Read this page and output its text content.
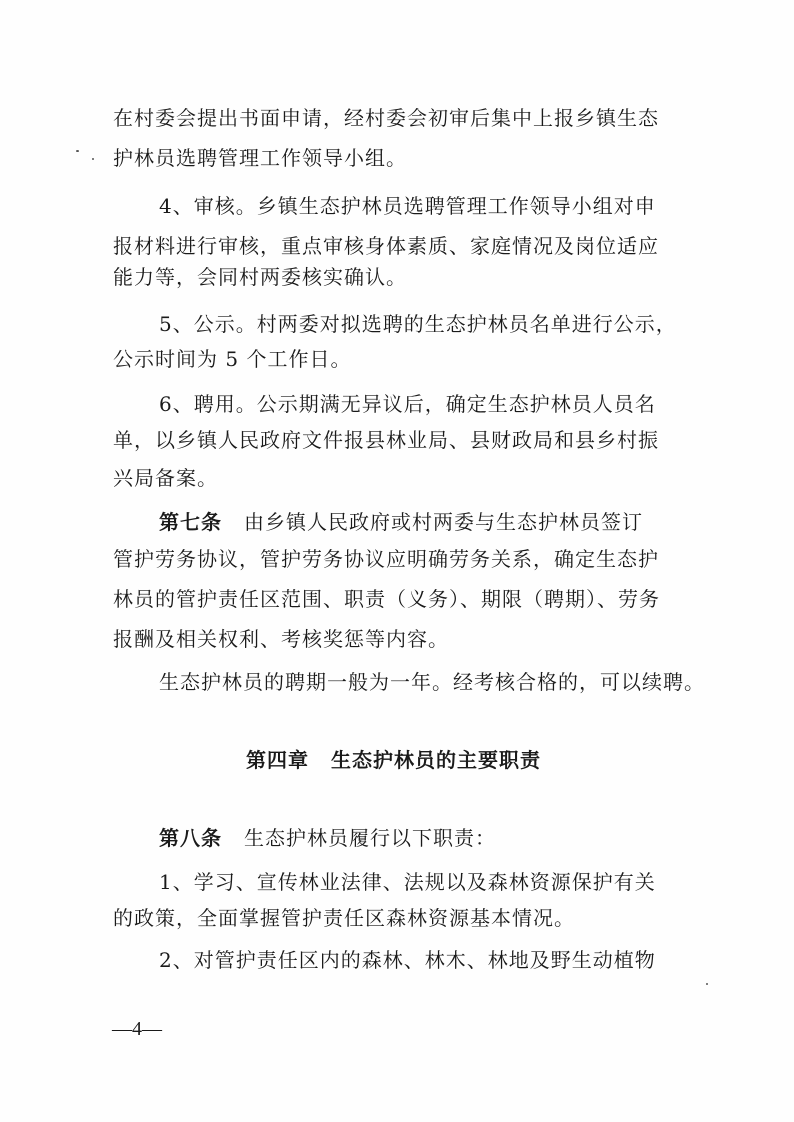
在村委会提出书面申请，经村委会初审后集中上报乡镇生态
护林员选聘管理工作领导小组。
4、审核。乡镇生态护林员选聘管理工作领导小组对申
报材料进行审核，重点审核身体素质、家庭情况及岗位适应
能力等，会同村两委核实确认。
5、公示。村两委对拟选聘的生态护林员名单进行公示，
公示时间为 5 个工作日。
6、聘用。公示期满无异议后，确定生态护林员人员名
单，以乡镇人民政府文件报县林业局、县财政局和县乡村振
兴局备案。
第七条 由乡镇人民政府或村两委与生态护林员签订
管护劳务协议，管护劳务协议应明确劳务关系，确定生态护
林员的管护责任区范围、职责（义务）、期限（聘期）、劳务
报酬及相关权利、考核奖惩等内容。
生态护林员的聘期一般为一年。经考核合格的，可以续聘。
第四章 生态护林员的主要职责
第八条 生态护林员履行以下职责：
1、学习、宣传林业法律、法规以及森林资源保护有关
的政策，全面掌握管护责任区森林资源基本情况。
2、对管护责任区内的森林、林木、林地及野生动植物
—4—
